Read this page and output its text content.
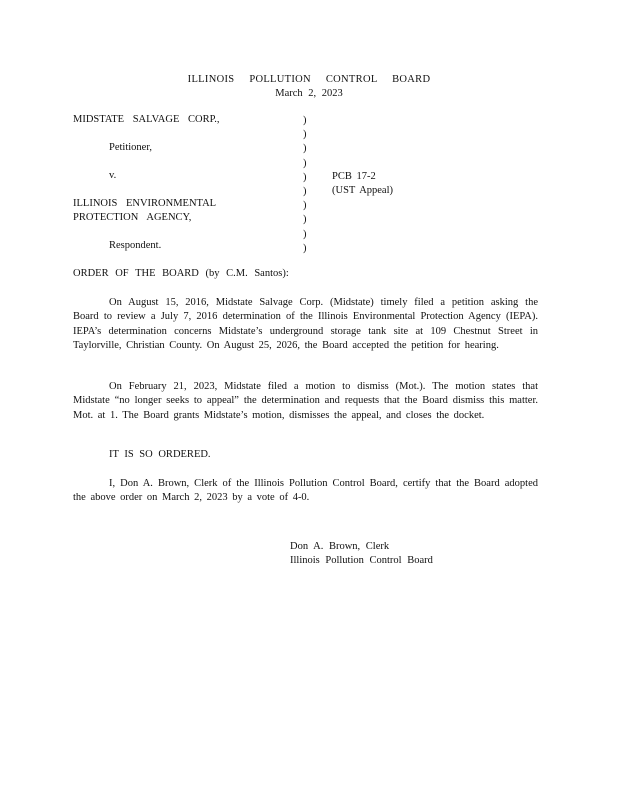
ILLINOIS POLLUTION CONTROL BOARD
March 2, 2023
MIDSTATE SALVAGE CORP.,
Petitioner,
v.
ILLINOIS ENVIRONMENTAL
PROTECTION AGENCY,
Respondent.
)
)
)
)
)
)
)
)
)
)
PCB 17-2
(UST Appeal)
ORDER OF THE BOARD (by C.M. Santos):
On August 15, 2016, Midstate Salvage Corp. (Midstate) timely filed a petition asking the Board to review a July 7, 2016 determination of the Illinois Environmental Protection Agency (IEPA). IEPA’s determination concerns Midstate’s underground storage tank site at 109 Chestnut Street in Taylorville, Christian County. On August 25, 2026, the Board accepted the petition for hearing.
On February 21, 2023, Midstate filed a motion to dismiss (Mot.). The motion states that Midstate “no longer seeks to appeal” the determination and requests that the Board dismiss this matter. Mot. at 1. The Board grants Midstate’s motion, dismisses the appeal, and closes the docket.
IT IS SO ORDERED.
I, Don A. Brown, Clerk of the Illinois Pollution Control Board, certify that the Board adopted the above order on March 2, 2023 by a vote of 4-0.
Don A. Brown, Clerk
Illinois Pollution Control Board
